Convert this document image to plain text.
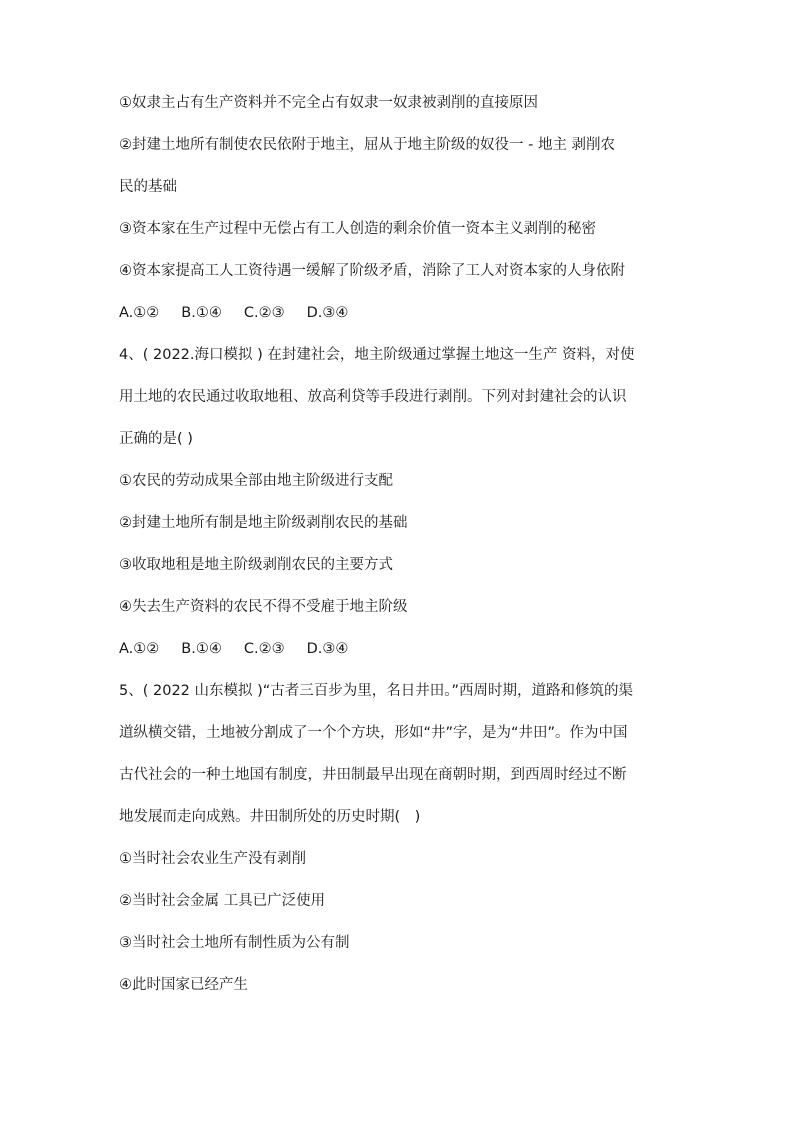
①奴隶主占有生产资料并不完全占有奴隶一奴隶被剥削的直接原因
②封建土地所有制使农民依附于地主，屈从于地主阶级的奴役一 - 地主 剥削农
民的基础
③资本家在生产过程中无偿占有工人创造的剩余价值一资本主义剥削的秘密
④资本家提高工人工资待遇一缓解了阶级矛盾，消除了工人对资本家的人身依附
A.①② B.①④ C.②③ D.③④
4、( 2022.海口模拟 ) 在封建社会，地主阶级通过掌握土地这一生产 资料，对使
用土地的农民通过收取地租、放高利贷等手段进行剥削。下列对封建社会的认识
正确的是( )
①农民的劳动成果全部由地主阶级进行支配
②封建土地所有制是地主阶级剥削农民的基础
③收取地租是地主阶级剥削农民的主要方式
④失去生产资料的农民不得不受雇于地主阶级
A.①② B.①④ C.②③ D.③④
5、( 2022 山东模拟 )“古者三百步为里，名日井田。”西周时期，道路和修筑的渠
道纵横交错，土地被分割成了一个个方块，形如“井”字，是为“井田”。作为中国
古代社会的一种土地国有制度，井田制最早出现在商朝时期，到西周时经过不断
地发展而走向成熟。井田制所处的历史时期(　)
①当时社会农业生产没有剥削
②当时社会金属 工具已广泛使用
③当时社会土地所有制性质为公有制
④此时国家已经产生
